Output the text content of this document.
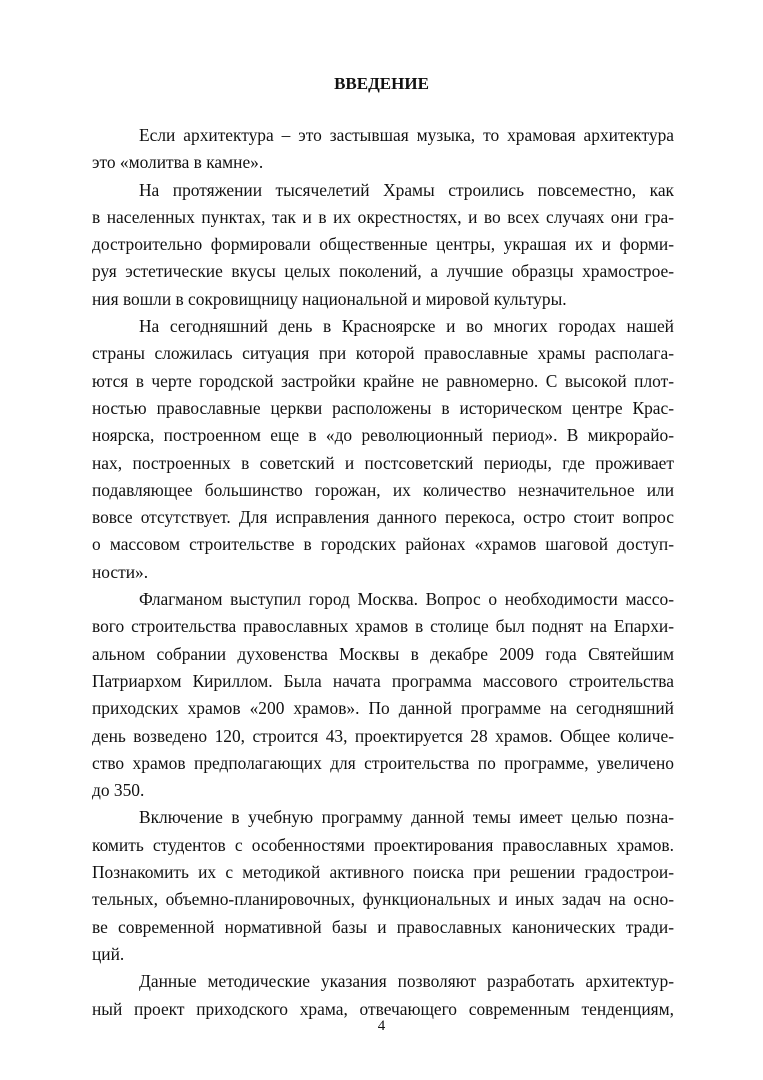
ВВЕДЕНИЕ

Если архитектура – это застывшая музыка, то храмовая архитектура
это «молитва в камне».

На протяжении тысячелетий Храмы строились повсеместно, как
в населенных пунктах, так и в их окрестностях, и во всех случаях они гра-
достроительно формировали общественные центры, украшая их и форми-
руя эстетические вкусы целых поколений, а лучшие образцы храмострое-
ния вошли в сокровищницу национальной и мировой культуры.

На сегодняшний день в Красноярске и во многих городах нашей
страны сложилась ситуация при которой православные храмы располага-
ются в черте городской застройки крайне не равномерно. С высокой плот-
ностью православные церкви расположены в историческом центре Крас-
ноярска, построенном еще в «до революционный период». В микрорайо-
нах, построенных в советский и постсоветский периоды, где проживает
подавляющее большинство горожан, их количество незначительное или
вовсе отсутствует. Для исправления данного перекоса, остро стоит вопрос
о массовом строительстве в городских районах «храмов шаговой доступ-
ности».

Флагманом выступил город Москва. Вопрос о необходимости массо-
вого строительства православных храмов в столице был поднят на Епархи-
альном собрании духовенства Москвы в декабре 2009 года Святейшим
Патриархом Кириллом. Была начата программа массового строительства
приходских храмов «200 храмов». По данной программе на сегодняшний
день возведено 120, строится 43, проектируется 28 храмов. Общее количе-
ство храмов предполагающих для строительства по программе, увеличено
до 350.

Включение в учебную программу данной темы имеет целью позна-
комить студентов с особенностями проектирования православных храмов.
Познакомить их с методикой активного поиска при решении градострои-
тельных, объемно-планировочных, функциональных и иных задач на осно-
ве современной нормативной базы и православных канонических тради-
ций.

Данные методические указания позволяют разработать архитектур-
ный проект приходского храма, отвечающего современным тенденциям,

4
